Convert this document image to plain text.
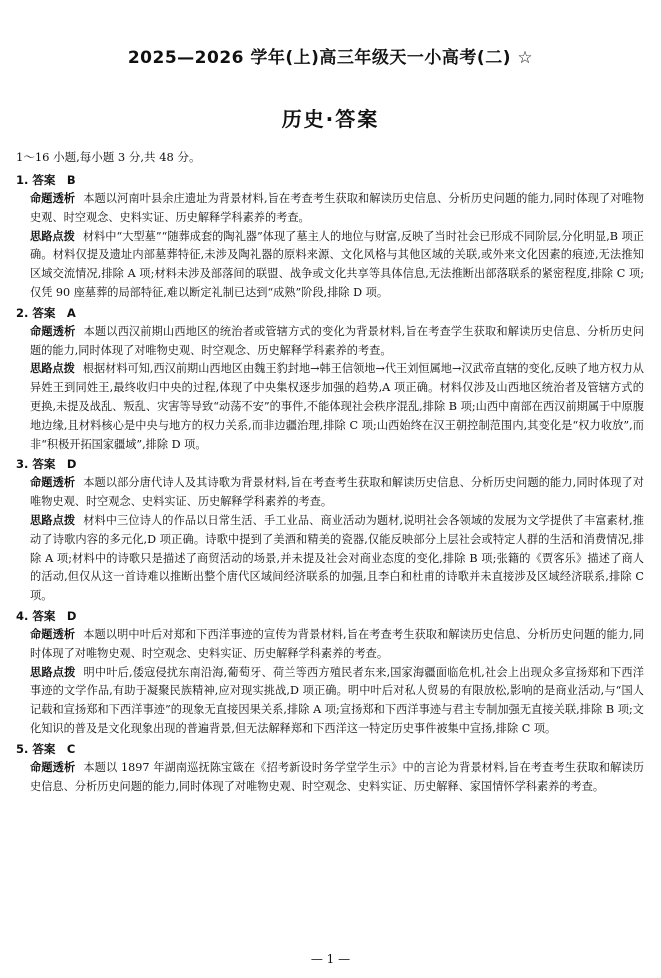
2025—2026 学年(上)高三年级天一小高考(二) ☆
历史·答案
1～16 小题,每小题 3 分,共 48 分。
1. 答案　B
命题透析 本题以河南叶县余庄遗址为背景材料,旨在考查考生获取和解读历史信息、分析历史问题的能力,同时体现了对唯物史观、时空观念、史料实证、历史解释学科素养的考查。
思路点拨 材料中“大型墓”“随葬成套的陶礼器”体现了墓主人的地位与财富,反映了当时社会已形成不同阶层,分化明显,B 项正确。材料仅提及遗址内部墓葬特征,未涉及陶礼器的原料来源、文化风格与其他区域的关联,或外来文化因素的痕迹,无法推知区域交流情况,排除 A 项;材料未涉及部落间的联盟、战争或文化共享等具体信息,无法推断出部落联系的紧密程度,排除 C 项;仅凭 90 座墓葬的局部特征,难以断定礼制已达到“成熟”阶段,排除 D 项。
2. 答案　A
命题透析 本题以西汉前期山西地区的统治者或管辖方式的变化为背景材料,旨在考查学生获取和解读历史信息、分析历史问题的能力,同时体现了对唯物史观、时空观念、历史解释学科素养的考查。
思路点拨 根据材料可知,西汉前期山西地区由魏王豹封地→韩王信领地→代王刘恒属地→汉武帝直辖的变化,反映了地方权力从异姓王到同姓王,最终收归中央的过程,体现了中央集权逐步加强的趋势,A 项正确。材料仅涉及山西地区统治者及管辖方式的更换,未提及战乱、叛乱、灾害等导致“动荡不安”的事件,不能体现社会秩序混乱,排除 B 项;山西中南部在西汉前期属于中原腹地边缘,且材料核心是中央与地方的权力关系,而非边疆治理,排除 C 项;山西始终在汉王朝控制范围内,其变化是“权力收放”,而非“积极开拓国家疆域”,排除 D 项。
3. 答案　D
命题透析 本题以部分唐代诗人及其诗歌为背景材料,旨在考查考生获取和解读历史信息、分析历史问题的能力,同时体现了对唯物史观、时空观念、史料实证、历史解释学科素养的考查。
思路点拨 材料中三位诗人的作品以日常生活、手工业品、商业活动为题材,说明社会各领域的发展为文学提供了丰富素材,推动了诗歌内容的多元化,D 项正确。诗歌中提到了美酒和精美的瓷器,仅能反映部分上层社会或特定人群的生活和消费情况,排除 A 项;材料中的诗歌只是描述了商贸活动的场景,并未提及社会对商业态度的变化,排除 B 项;张籍的《贾客乐》描述了商人的活动,但仅从这一首诗难以推断出整个唐代区域间经济联系的加强,且李白和杜甫的诗歌并未直接涉及区域经济联系,排除 C 项。
4. 答案　D
命题透析 本题以明中叶后对郑和下西洋事迹的宣传为背景材料,旨在考查考生获取和解读历史信息、分析历史问题的能力,同时体现了对唯物史观、时空观念、史料实证、历史解释学科素养的考查。
思路点拨 明中叶后,倭寇侵扰东南沿海,葡萄牙、荷兰等西方殖民者东来,国家海疆面临危机,社会上出现众多宣扬郑和下西洋事迹的文学作品,有助于凝聚民族精神,应对现实挑战,D 项正确。明中叶后对私人贸易的有限放松,影响的是商业活动,与“国人记载和宣扬郑和下西洋事迹”的现象无直接因果关系,排除 A 项;宣扬郑和下西洋事迹与君主专制加强无直接关联,排除 B 项;文化知识的普及是文化现象出现的普遍背景,但无法解释郑和下西洋这一特定历史事件被集中宣扬,排除 C 项。
5. 答案　C
命题透析 本题以 1897 年湖南巡抚陈宝箴在《招考新设时务学堂学生示》中的言论为背景材料,旨在考查考生获取和解读历史信息、分析历史问题的能力,同时体现了对唯物史观、时空观念、史料实证、历史解释、家国情怀学科素养的考查。
— 1 —
